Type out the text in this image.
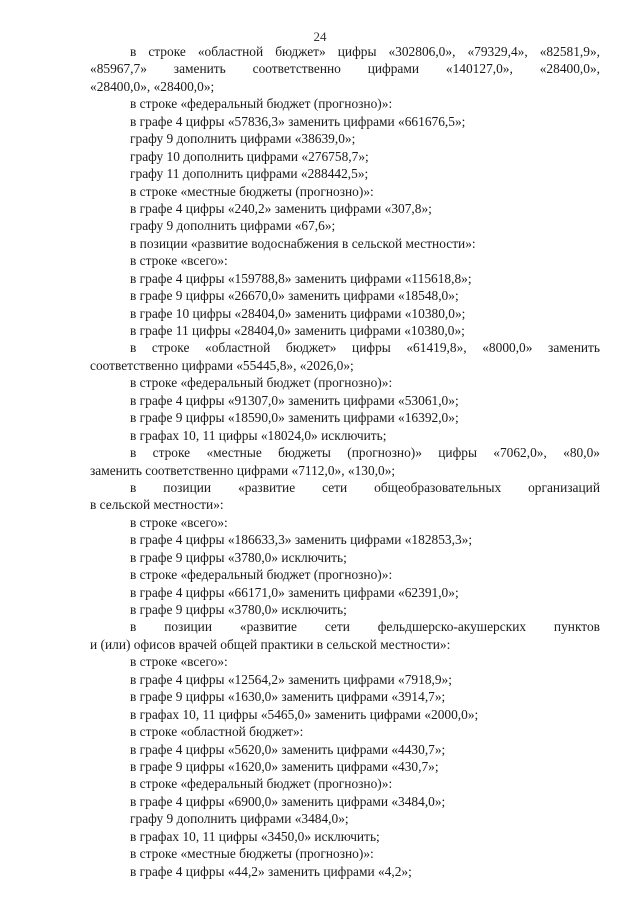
24
в строке «областной бюджет» цифры «302806,0», «79329,4», «82581,9»,
«85967,7» заменить соответственно цифрами «140127,0», «28400,0»,
«28400,0», «28400,0»;
в строке «федеральный бюджет (прогнозно)»:
в графе 4 цифры «57836,3» заменить цифрами «661676,5»;
графу 9 дополнить цифрами «38639,0»;
графу 10 дополнить цифрами «276758,7»;
графу 11 дополнить цифрами «288442,5»;
в строке «местные бюджеты (прогнозно)»:
в графе 4 цифры «240,2» заменить цифрами «307,8»;
графу 9 дополнить цифрами «67,6»;
в позиции «развитие водоснабжения в сельской местности»:
в строке «всего»:
в графе 4 цифры «159788,8» заменить цифрами «115618,8»;
в графе 9 цифры «26670,0» заменить цифрами «18548,0»;
в графе 10 цифры «28404,0» заменить цифрами «10380,0»;
в графе 11 цифры «28404,0» заменить цифрами «10380,0»;
в строке «областной бюджет» цифры «61419,8», «8000,0» заменить
соответственно цифрами «55445,8», «2026,0»;
в строке «федеральный бюджет (прогнозно)»:
в графе 4 цифры «91307,0» заменить цифрами «53061,0»;
в графе 9 цифры «18590,0» заменить цифрами «16392,0»;
в графах 10, 11 цифры «18024,0» исключить;
в строке «местные бюджеты (прогнозно)» цифры «7062,0», «80,0»
заменить соответственно цифрами «7112,0», «130,0»;
в позиции «развитие сети общеобразовательных организаций
в сельской местности»:
в строке «всего»:
в графе 4 цифры «186633,3» заменить цифрами «182853,3»;
в графе 9 цифры «3780,0» исключить;
в строке «федеральный бюджет (прогнозно)»:
в графе 4 цифры «66171,0» заменить цифрами «62391,0»;
в графе 9 цифры «3780,0» исключить;
в позиции «развитие сети фельдшерско-акушерских пунктов
и (или) офисов врачей общей практики в сельской местности»:
в строке «всего»:
в графе 4 цифры «12564,2» заменить цифрами «7918,9»;
в графе 9 цифры «1630,0» заменить цифрами «3914,7»;
в графах 10, 11 цифры «5465,0» заменить цифрами «2000,0»;
в строке «областной бюджет»:
в графе 4 цифры «5620,0» заменить цифрами «4430,7»;
в графе 9 цифры «1620,0» заменить цифрами «430,7»;
в строке «федеральный бюджет (прогнозно)»:
в графе 4 цифры «6900,0» заменить цифрами «3484,0»;
графу 9 дополнить цифрами «3484,0»;
в графах 10, 11 цифры «3450,0» исключить;
в строке «местные бюджеты (прогнозно)»:
в графе 4 цифры «44,2» заменить цифрами «4,2»;
